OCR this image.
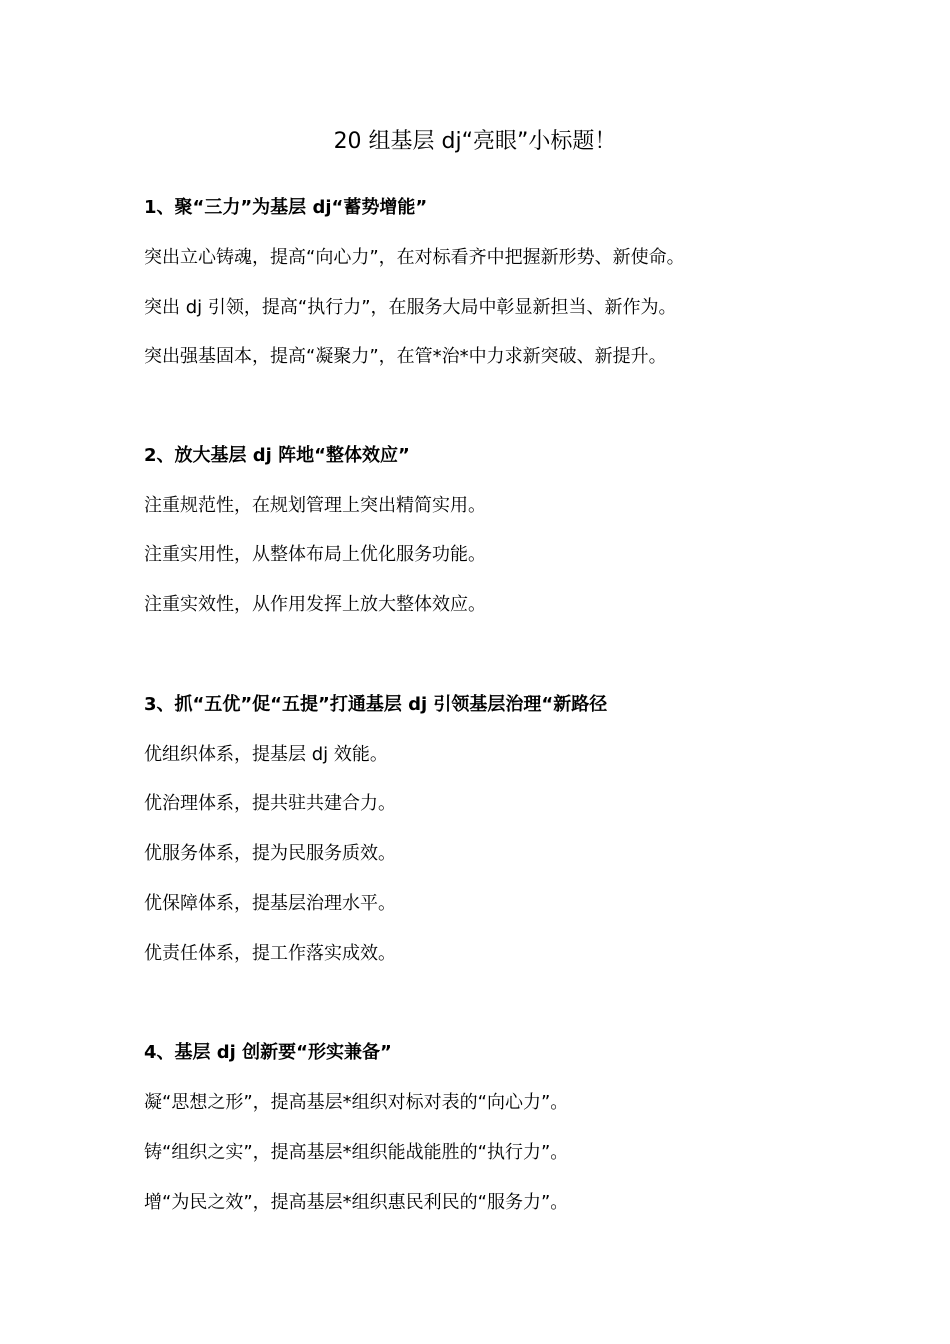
20 组基层 dj“亮眼”小标题！
1、聚“三力”为基层 dj“蓄势增能”
突出立心铸魂，提高“向心力”，在对标看齐中把握新形势、新使命。
突出 dj 引领，提高“执行力”，在服务大局中彰显新担当、新作为。
突出强基固本，提高“凝聚力”，在管*治*中力求新突破、新提升。
2、放大基层 dj 阵地“整体效应”
注重规范性，在规划管理上突出精简实用。
注重实用性，从整体布局上优化服务功能。
注重实效性，从作用发挥上放大整体效应。
3、抓“五优”促“五提”打通基层 dj 引领基层治理“新路径
优组织体系，提基层 dj 效能。
优治理体系，提共驻共建合力。
优服务体系，提为民服务质效。
优保障体系，提基层治理水平。
优责任体系，提工作落实成效。
4、基层 dj 创新要“形实兼备”
凝“思想之形”，提高基层*组织对标对表的“向心力”。
铸“组织之实”，提高基层*组织能战能胜的“执行力”。
增“为民之效”，提高基层*组织惠民利民的“服务力”。
